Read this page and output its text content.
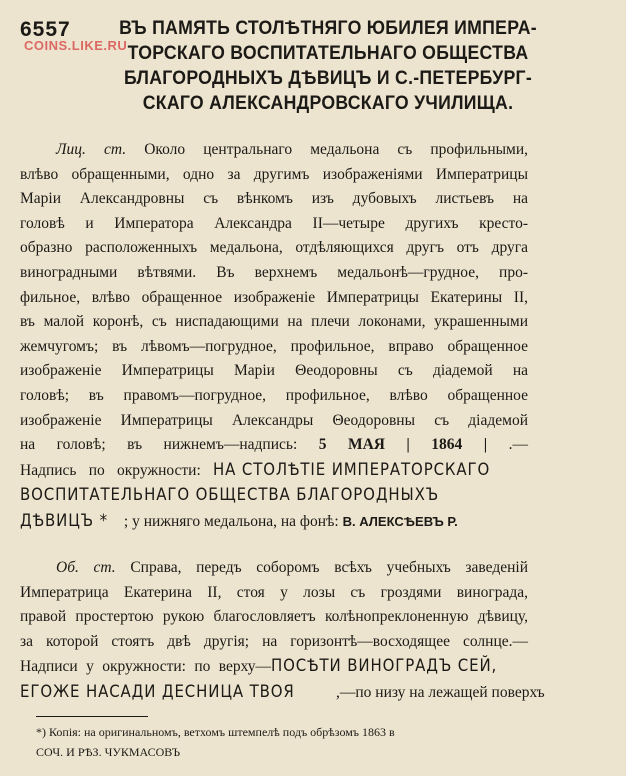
6557
COINS.LIKE.RU
ВЪ ПАМЯТЬ СТОЛѢТНЯГО ЮБИЛЕЯ ИМПЕРА-
ТОРСКАГО ВОСПИТАТЕЛЬНАГО ОБЩЕСТВА
БЛАГОРОДНЫХЪ ДѢВИЦЪ И С.-ПЕТЕРБУРГ-
СКАГО АЛЕКСАНДРОВСКАГО УЧИЛИЩА.
Лиц. ст. Около центральнаго медальона съ профильными,
влѣво обращенными, одно за другимъ изображеніями Императрицы
Маріи Александровны съ вѣнкомъ изъ дубовыхъ листьевъ на
головѣ и Императора Александра II—четыре другихъ кресто-
образно расположенныхъ медальона, отдѣляющихся другъ отъ друга
виноградными вѣтвями. Въ верхнемъ медальонѣ—грудное, про-
фильное, влѣво обращенное изображеніе Императрицы Екатерины II,
въ малой коронѣ, съ ниспадающими на плечи локонами, украшенными
жемчугомъ; въ лѣвомъ—погрудное, профильное, вправо обращенное
изображеніе Императрицы Маріи Θеодоровны съ діадемой на
головѣ; въ правомъ—погрудное, профильное, влѣво обращенное
изображеніе Императрицы Александры Θеодоровны съ діадемой
на головѣ; въ нижнемъ—надпись: 5 МАЯ | 1864 | .—
Надпись по окружности: НА СТОЛѢТІЕ ИМПЕРАТОРСКАГО
ВОСПИТАТЕЛЬНАГО ОБЩЕСТВА БЛАГОРОДНЫХЪ
ДѢВИЦЪ * ; у нижняго медальона, на фонѣ: В. АЛЕКСѢЕВЪ Р.
Об. ст. Справа, передъ соборомъ всѣхъ учебныхъ заведеній
Императрица Екатерина II, стоя у лозы съ гроздями винограда,
правой простертою рукою благословляетъ колѣнопреклоненную дѣвицу,
за которой стоятъ двѣ другія; на горизонтѣ—восходящее солнце.—
Надписи у окружности: по верху—ПОСѢТИ ВИНОГРАДЪ СЕЙ,
ЕГОЖЕ НАСАДИ ДЕСНИЦА ТВОЯ	,—по низу на лежащей поверхъ
*) Копія: на оригинальномъ, ветхомъ штемпелѣ подъ обрѣзомъ 1863 в
СОЧ. И РѢЗ. ЧУКМАСОВЪ
